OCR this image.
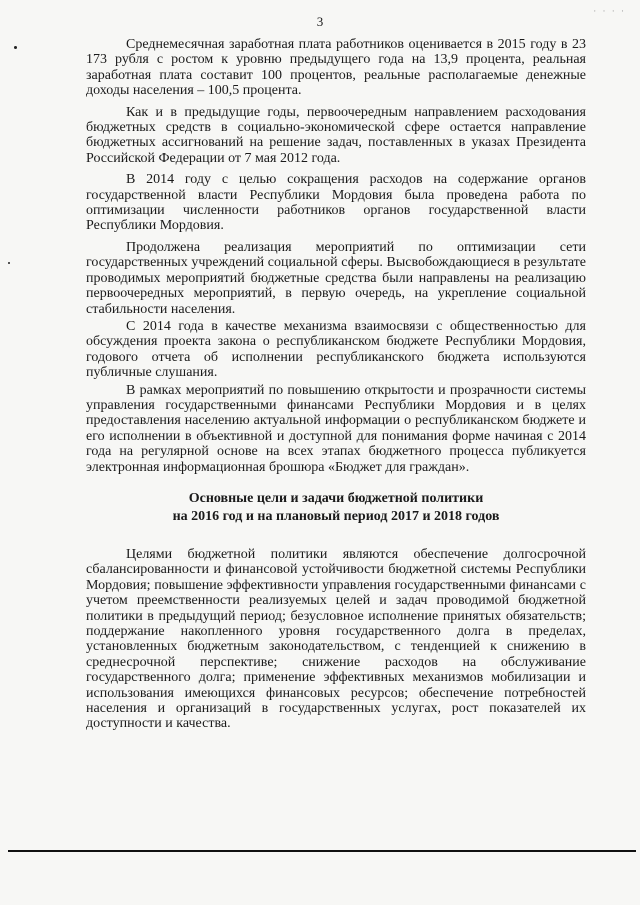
· · · ·
3

Среднемесячная заработная плата работников оценивается в 2015 году в 23 173 рубля с ростом к уровню предыдущего года на 13,9 процента, реальная заработная плата составит 100 процентов, реальные располагаемые денежные доходы населения – 100,5 процента.

Как и в предыдущие годы, первоочередным направлением расходования бюджетных средств в социально-экономической сфере остается направление бюджетных ассигнований на решение задач, поставленных в указах Президента Российской Федерации от 7 мая 2012 года.

В 2014 году с целью сокращения расходов на содержание органов государственной власти Республики Мордовия была проведена работа по оптимизации численности работников органов государственной власти Республики Мордовия.

Продолжена реализация мероприятий по оптимизации сети государственных учреждений социальной сферы. Высвобождающиеся в результате проводимых мероприятий бюджетные средства были направлены на реализацию первоочередных мероприятий, в первую очередь, на укрепление социальной стабильности населения.

С 2014 года в качестве механизма взаимосвязи с общественностью для обсуждения проекта закона о республиканском бюджете Республики Мордовия, годового отчета об исполнении республиканского бюджета используются публичные слушания.

В рамках мероприятий по повышению открытости и прозрачности системы управления государственными финансами Республики Мордовия и в целях предоставления населению актуальной информации о республиканском бюджете и его исполнении в объективной и доступной для понимания форме начиная с 2014 года на регулярной основе на всех этапах бюджетного процесса публикуется электронная информационная брошюра «Бюджет для граждан».

Основные цели и задачи бюджетной политики

на 2016 год и на плановый период 2017 и 2018 годов

Целями бюджетной политики являются обеспечение долгосрочной сбалансированности и финансовой устойчивости бюджетной системы Республики Мордовия; повышение эффективности управления государственными финансами с учетом преемственности реализуемых целей и задач проводимой бюджетной политики в предыдущий период; безусловное исполнение принятых обязательств; поддержание накопленного уровня государственного долга в пределах, установленных бюджетным законодательством, с тенденцией к снижению в среднесрочной перспективе; снижение расходов на обслуживание государственного долга; применение эффективных механизмов мобилизации и использования имеющихся финансовых ресурсов; обеспечение потребностей населения и организаций в государственных услугах, рост показателей их доступности и качества.
